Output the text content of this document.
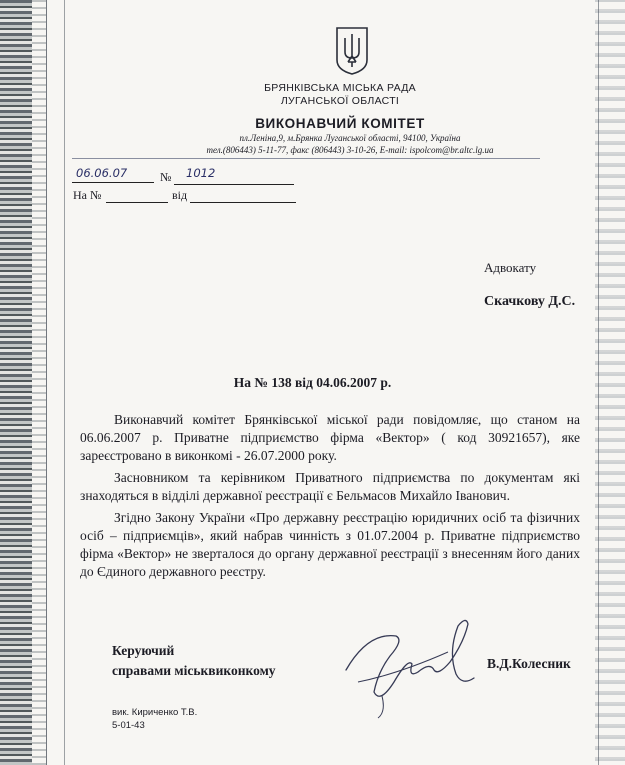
БРЯНКІВСЬКА МІСЬКА РАДА
ЛУГАНСЬКОЇ ОБЛАСТІ
ВИКОНАВЧИЙ КОМІТЕТ
пл.Леніна,9, м.Брянка Луганської області, 94100, Україна
тел.(806443) 5-11-77, факс (806443) 3-10-26, E-mail: ispolcom@br.altc.lg.ua
06.06.07	№ 1012
На №	від
Адвокату
Скачкову Д.С.
На № 138 від 04.06.2007 р.
Виконавчий комітет Брянківської міської ради повідомляє, що станом на 06.06.2007 р. Приватне підприємство фірма «Вектор» ( код 30921657), яке зареєстровано в виконкомі - 26.07.2000 року.
Засновником та керівником Приватного підприємства по документам які знаходяться в відділі державної реєстрації є Бельмасов Михайло Іванович.
Згідно Закону України «Про державну реєстрацію юридичних осіб та фізичних осіб – підприємців», який набрав чинність з 01.07.2004 р. Приватне підприємство фірма «Вектор» не зверталося до органу державної реєстрації з внесенням його даних до Єдиного державного реєстру.
Керуючий
справами міськвиконкому	В.Д.Колесник
вик. Кириченко Т.В.
5-01-43
